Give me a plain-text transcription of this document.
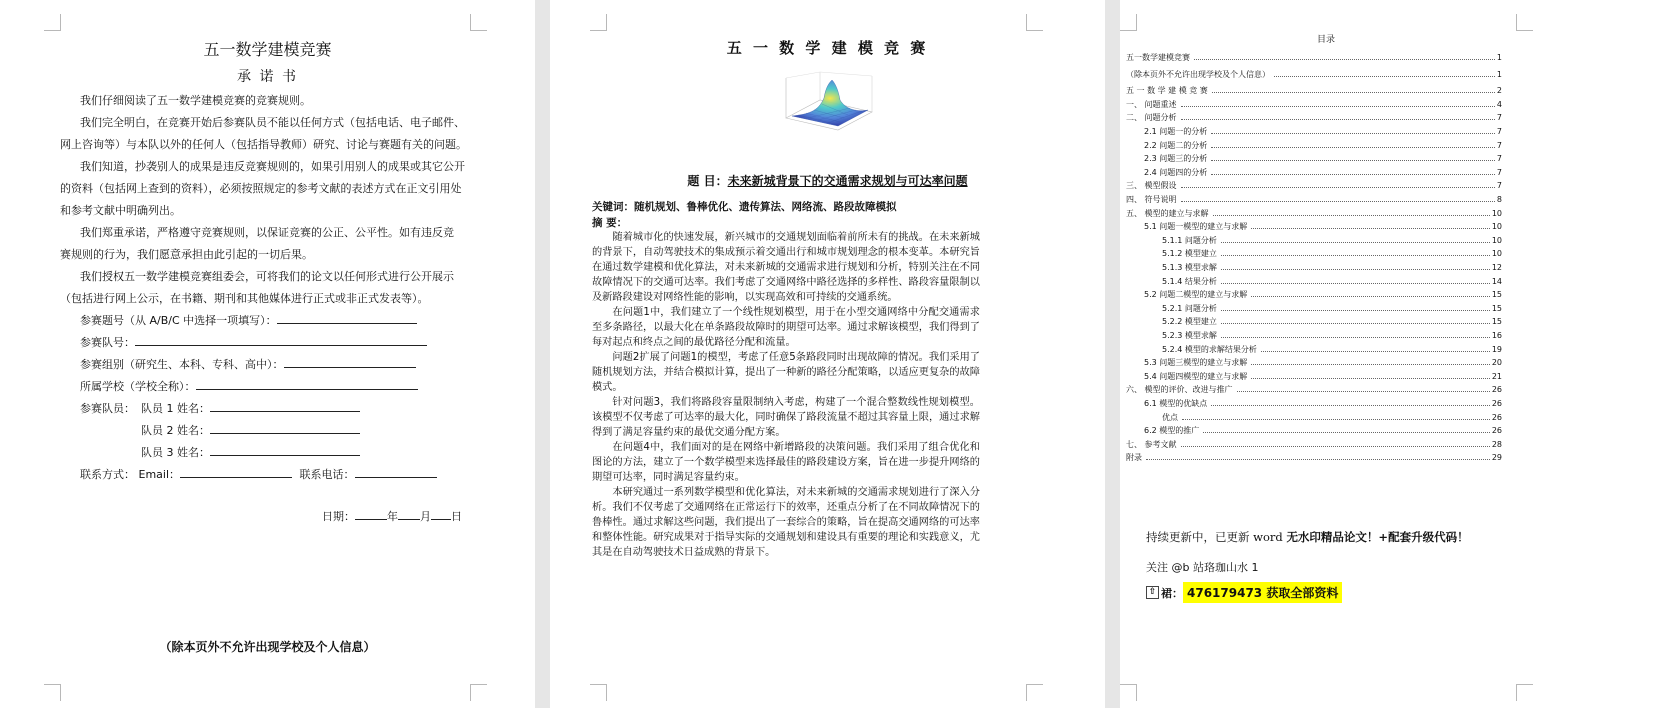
五一数学建模竞赛
承 诺 书
我们仔细阅读了五一数学建模竞赛的竞赛规则。
我们完全明白，在竞赛开始后参赛队员不能以任何方式（包括电话、电子邮件、
网上咨询等）与本队以外的任何人（包括指导教师）研究、讨论与赛题有关的问题。
我们知道，抄袭别人的成果是违反竞赛规则的，如果引用别人的成果或其它公开
的资料（包括网上查到的资料），必须按照规定的参考文献的表述方式在正文引用处
和参考文献中明确列出。
我们郑重承诺，严格遵守竞赛规则，以保证竞赛的公正、公平性。如有违反竞
赛规则的行为，我们愿意承担由此引起的一切后果。
我们授权五一数学建模竞赛组委会，可将我们的论文以任何形式进行公开展示
（包括进行网上公示，在书籍、期刊和其他媒体进行正式或非正式发表等）。
参赛题号（从 A/B/C 中选择一项填写）：
参赛队号：
参赛组别（研究生、本科、专科、高中）：
所属学校（学校全称）：
参赛队员： 队员 1 姓名：
队员 2 姓名：
队员 3 姓名：
联系方式： Email：	联系电话：
日期：	年 月 日
（除本页外不允许出现学校及个人信息）
五 一 数 学 建 模 竞 赛
题 目：未来新城背景下的交通需求规划与可达率问题
关键词：随机规划、鲁棒优化、遗传算法、网络流、路段故障模拟
摘 要：

随着城市化的快速发展，新兴城市的交通规划面临着前所未有的挑战。在未来新城的背景下，自动驾驶技术的集成预示着交通出行和城市规划理念的根本变革。本研究旨在通过数学建模和优化算法，对未来新城的交通需求进行规划和分析，特别关注在不同故障情况下的交通可达率。我们考虑了交通网络中路径选择的多样性、路段容量限制以及新路段建设对网络性能的影响，以实现高效和可持续的交通系统。

在问题1中，我们建立了一个线性规划模型，用于在小型交通网络中分配交通需求至多条路径，以最大化在单条路段故障时的期望可达率。通过求解该模型，我们得到了每对起点和终点之间的最优路径分配和流量。

问题2扩展了问题1的模型，考虑了任意5条路段同时出现故障的情况。我们采用了随机规划方法，并结合模拟计算，提出了一种新的路径分配策略，以适应更复杂的故障模式。

针对问题3，我们将路段容量限制纳入考虑，构建了一个混合整数线性规划模型。该模型不仅考虑了可达率的最大化，同时确保了路段流量不超过其容量上限，通过求解得到了满足容量约束的最优交通分配方案。

在问题4中，我们面对的是在网络中新增路段的决策问题。我们采用了组合优化和图论的方法，建立了一个数学模型来选择最佳的路段建设方案，旨在进一步提升网络的期望可达率，同时满足容量约束。

本研究通过一系列数学模型和优化算法，对未来新城的交通需求规划进行了深入分析。我们不仅考虑了交通网络在正常运行下的效率，还重点分析了在不同故障情况下的鲁棒性。通过求解这些问题，我们提出了一套综合的策略，旨在提高交通网络的可达率和整体性能。研究成果对于指导实际的交通规划和建设具有重要的理论和实践意义，尤其是在自动驾驶技术日益成熟的背景下。

目录
五一数学建模竞赛	1
（除本页外不允许出现学校及个人信息）	1
五 一 数 学 建 模 竞 赛	2
一、 问题重述	4
二、 问题分析	7
2.1 问题一的分析	7
2.2 问题二的分析	7
2.3 问题三的分析	7
2.4 问题四的分析	7
三、 模型假设	7
四、 符号说明	8
五、 模型的建立与求解	10
5.1 问题一模型的建立与求解	10
5.1.1 问题分析	10
5.1.2 模型建立	10
5.1.3 模型求解	12
5.1.4 结果分析	14
5.2 问题二模型的建立与求解	15
5.2.1 问题分析	15
5.2.2 模型建立	15
5.2.3 模型求解	16
5.2.4 模型的求解结果分析	19
5.3 问题三模型的建立与求解	20
5.4 问题四模型的建立与求解	21
六、 模型的评价、改进与推广	26
6.1 模型的优缺点	26
优点	26
6.2 模型的推广	26
七、 参考文献	28
附录	29
持续更新中，已更新 word 无水印精品论文！+配套升级代码！
关注 @b 站珞珈山水 1
⇧ 裙： 476179473 获取全部资料
